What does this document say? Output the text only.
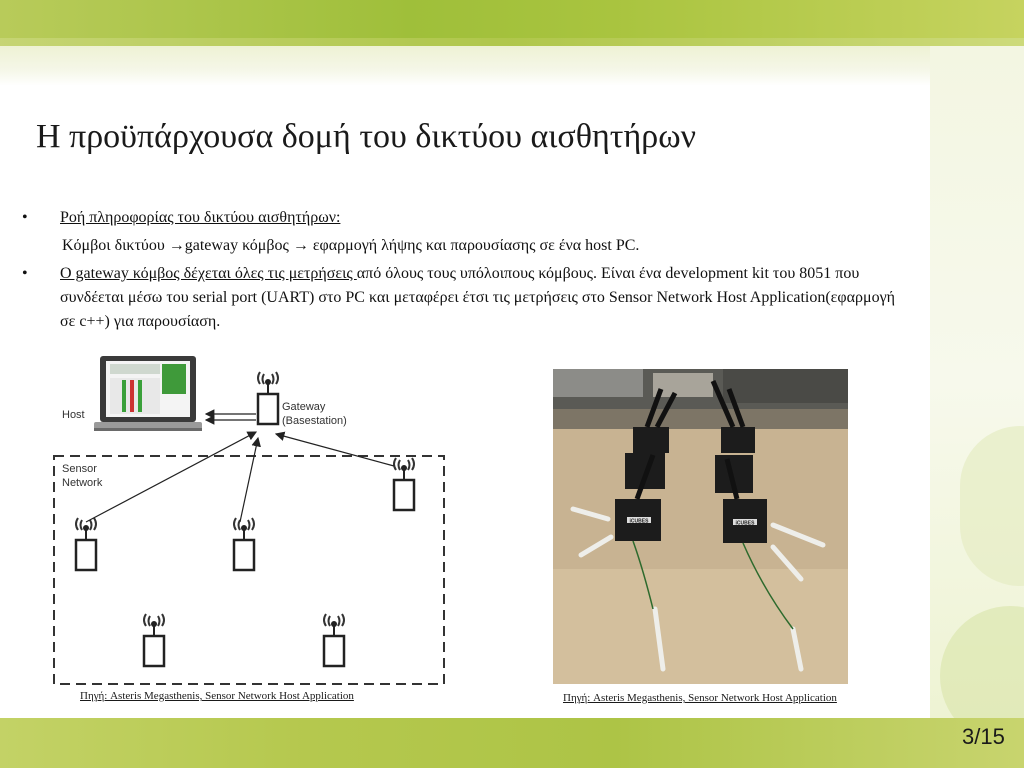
Η προϋπάρχουσα δομή του δικτύου αισθητήρων
•	Ροή πληροφορίας του δικτύου αισθητήρων:
Κόμβοι δικτύου →gateway κόμβος → εφαρμογή λήψης και παρουσίασης σε ένα host PC.
•	Ο gateway κόμβος δέχεται όλες τις μετρήσεις από όλους τους υπόλοιπους κόμβους. Είναι ένα development kit του 8051 που συνδέεται μέσω του serial port (UART) στο PC και μεταφέρει έτσι τις μετρήσεις στο Sensor Network Host Application(εφαρμογή σε c++) για παρουσίαση.
Host
Gateway
(Basestation)
Sensor
Network
Πηγή: Asteris Megasthenis, Sensor Network Host Application
iCUBES	iCUBES
Πηγή: Asteris Megasthenis, Sensor Network Host Application
3/15
